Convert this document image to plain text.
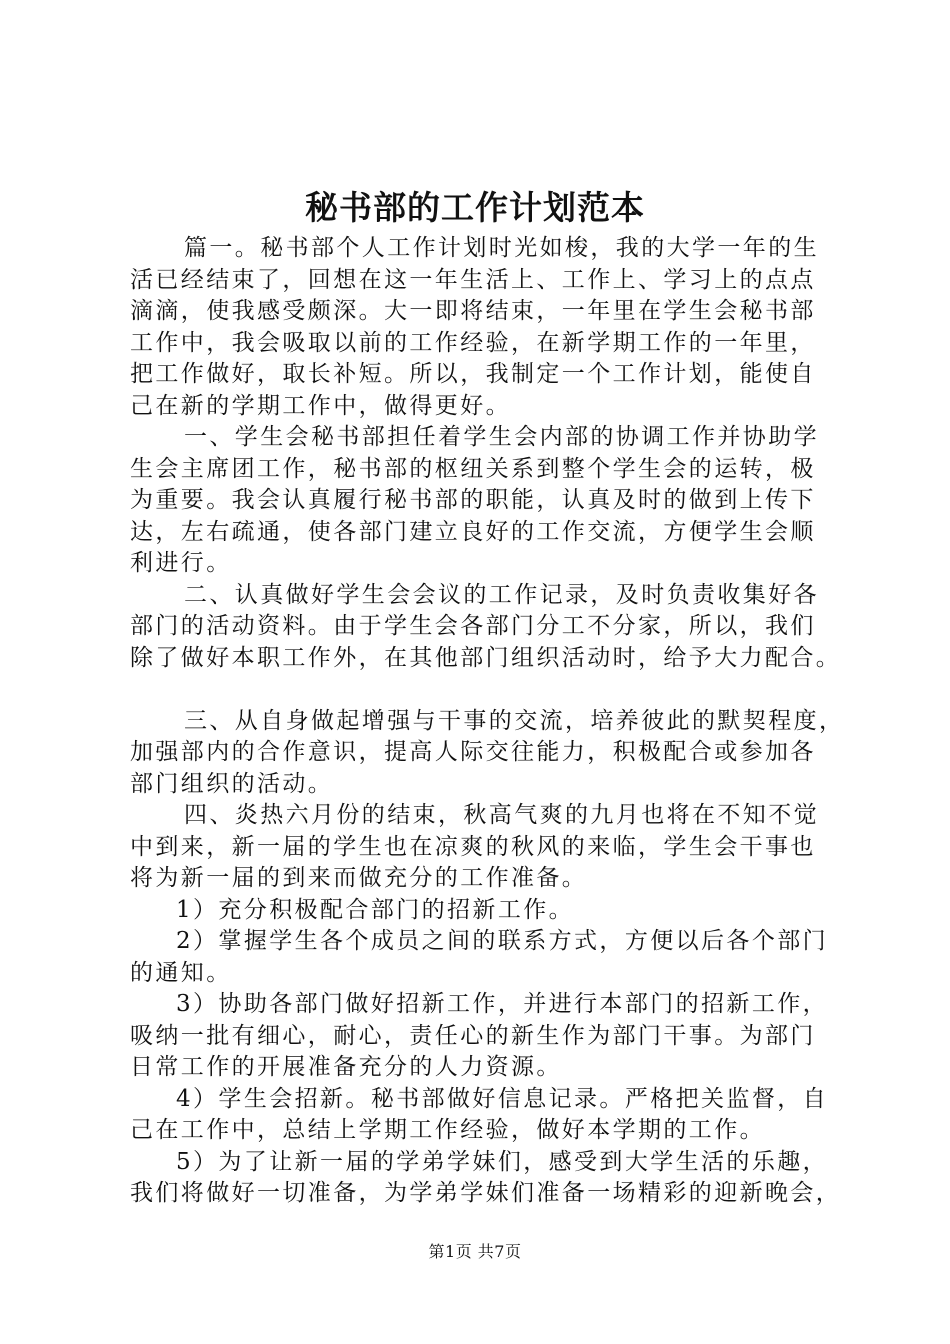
秘书部的工作计划范本
篇一。秘书部个人工作计划时光如梭，我的大学一年的生
活已经结束了，回想在这一年生活上、工作上、学习上的点点
滴滴，使我感受颇深。大一即将结束，一年里在学生会秘书部
工作中，我会吸取以前的工作经验，在新学期工作的一年里，
把工作做好，取长补短。所以，我制定一个工作计划，能使自
己在新的学期工作中，做得更好。
一、学生会秘书部担任着学生会内部的协调工作并协助学
生会主席团工作，秘书部的枢纽关系到整个学生会的运转，极
为重要。我会认真履行秘书部的职能，认真及时的做到上传下
达，左右疏通，使各部门建立良好的工作交流，方便学生会顺
利进行。
二、认真做好学生会会议的工作记录，及时负责收集好各
部门的活动资料。由于学生会各部门分工不分家，所以，我们
除了做好本职工作外，在其他部门组织活动时，给予大力配合。
三、从自身做起增强与干事的交流，培养彼此的默契程度，
加强部内的合作意识，提高人际交往能力，积极配合或参加各
部门组织的活动。
四、炎热六月份的结束，秋高气爽的九月也将在不知不觉
中到来，新一届的学生也在凉爽的秋风的来临，学生会干事也
将为新一届的到来而做充分的工作准备。
1）充分积极配合部门的招新工作。
2）掌握学生各个成员之间的联系方式，方便以后各个部门
的通知。
3）协助各部门做好招新工作，并进行本部门的招新工作，
吸纳一批有细心，耐心，责任心的新生作为部门干事。为部门
日常工作的开展准备充分的人力资源。
4）学生会招新。秘书部做好信息记录。严格把关监督，自
己在工作中，总结上学期工作经验，做好本学期的工作。
5）为了让新一届的学弟学妹们，感受到大学生活的乐趣，
我们将做好一切准备，为学弟学妹们准备一场精彩的迎新晚会，
第1页 共7页
